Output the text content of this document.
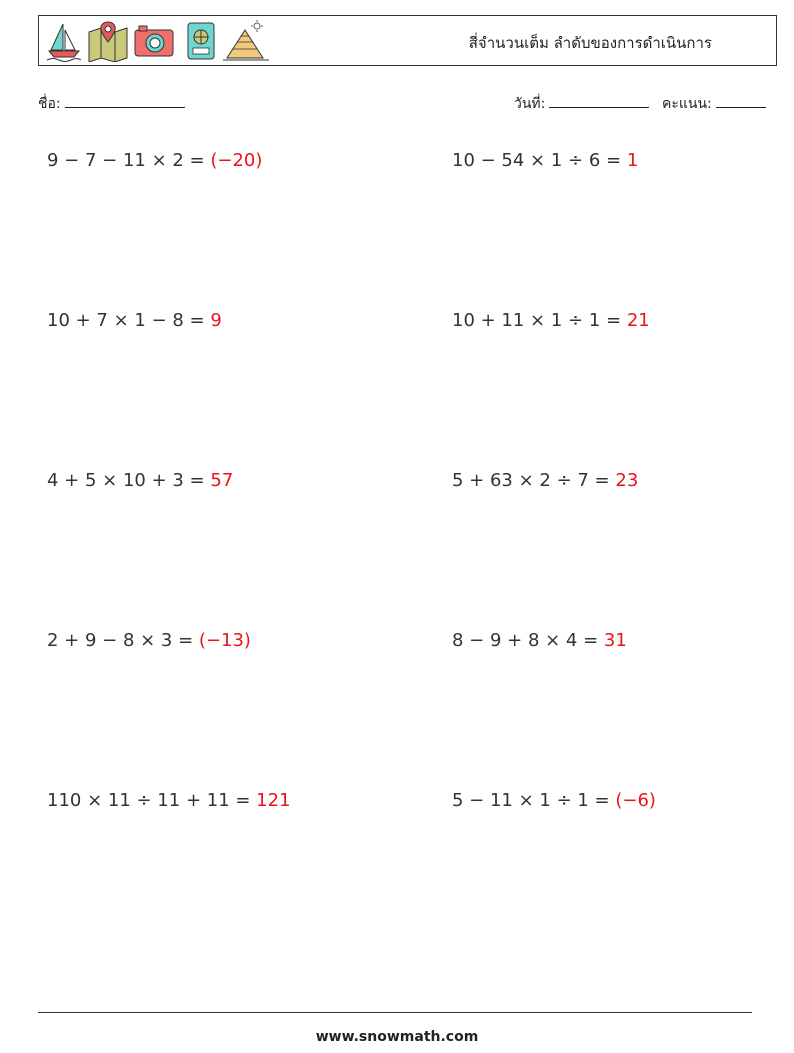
สี่จำนวนเต็ม ลำดับของการดำเนินการ
ชื่อ:	วันที่:	คะแนน:
9 − 7 − 11 × 2 = (−20)	10 − 54 × 1 ÷ 6 = 1
10 + 7 × 1 − 8 = 9	10 + 11 × 1 ÷ 1 = 21
4 + 5 × 10 + 3 = 57	5 + 63 × 2 ÷ 7 = 23
2 + 9 − 8 × 3 = (−13)	8 − 9 + 8 × 4 = 31
110 × 11 ÷ 11 + 11 = 121	5 − 11 × 1 ÷ 1 = (−6)
www.snowmath.com
